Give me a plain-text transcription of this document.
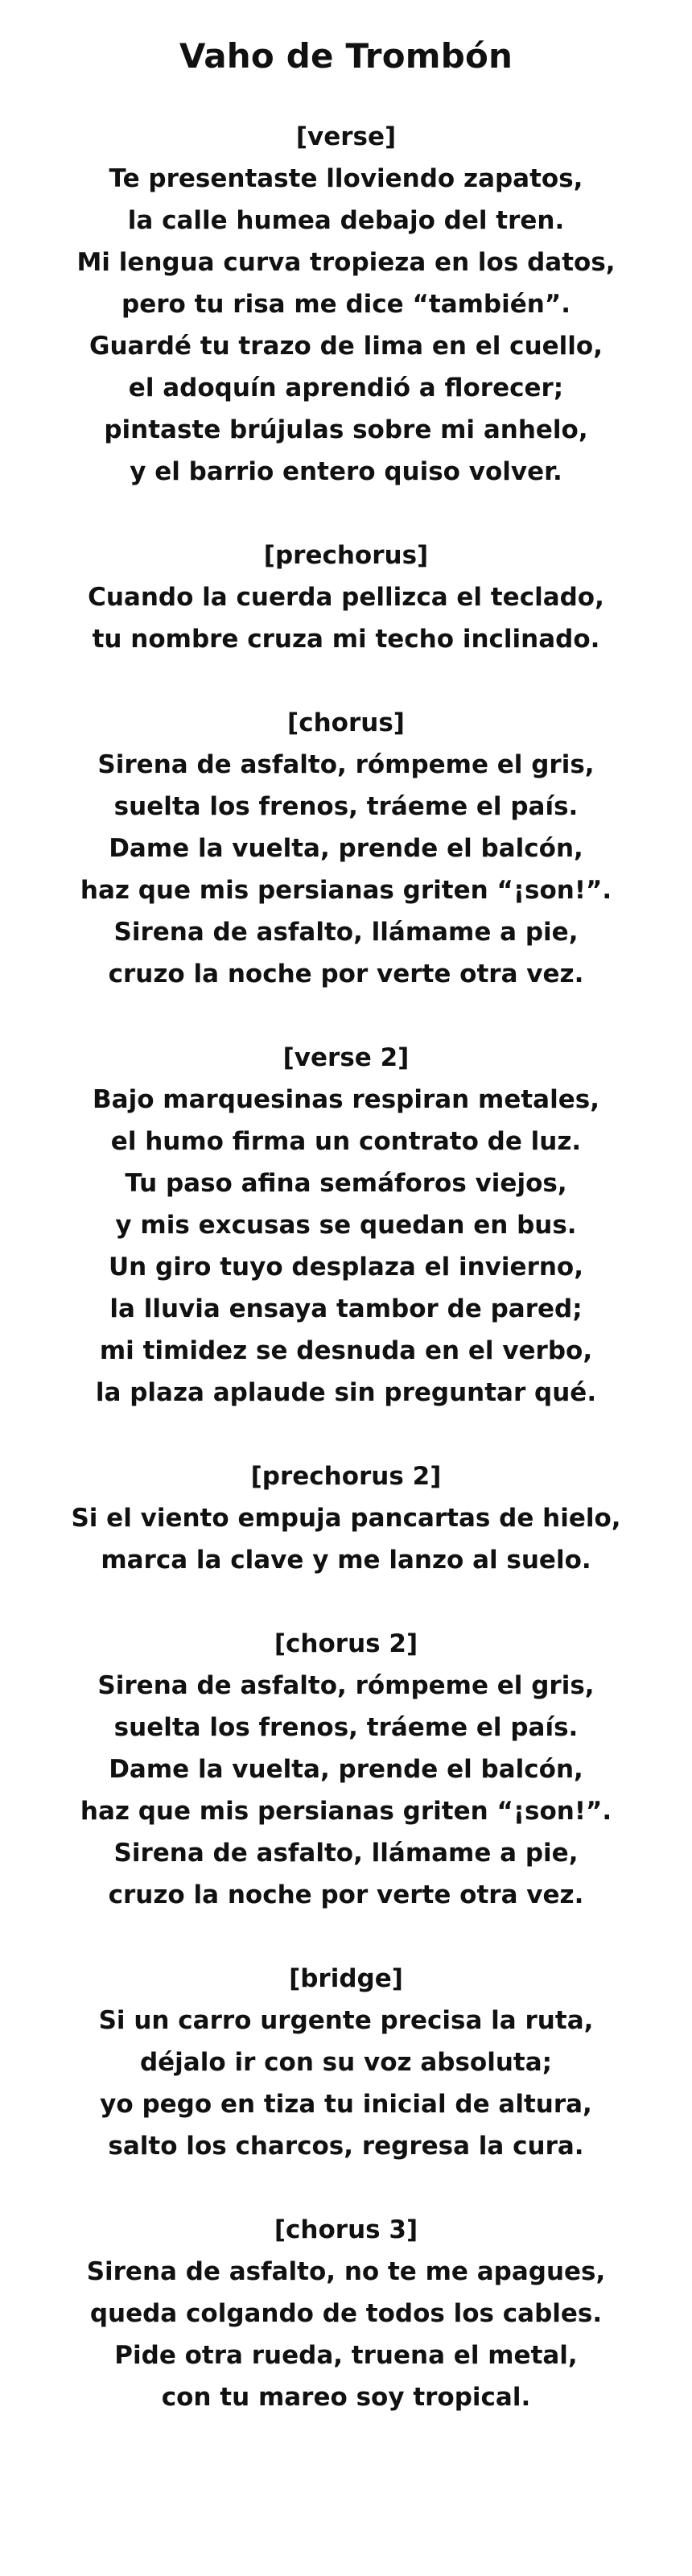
Vaho de Trombón
[verse]
Te presentaste lloviendo zapatos,
la calle humea debajo del tren.
Mi lengua curva tropieza en los datos,
pero tu risa me dice “también”.
Guardé tu trazo de lima en el cuello,
el adoquín aprendió a florecer;
pintaste brújulas sobre mi anhelo,
y el barrio entero quiso volver.
[prechorus]
Cuando la cuerda pellizca el teclado,
tu nombre cruza mi techo inclinado.
[chorus]
Sirena de asfalto, rómpeme el gris,
suelta los frenos, tráeme el país.
Dame la vuelta, prende el balcón,
haz que mis persianas griten “¡son!”.
Sirena de asfalto, llámame a pie,
cruzo la noche por verte otra vez.
[verse 2]
Bajo marquesinas respiran metales,
el humo firma un contrato de luz.
Tu paso afina semáforos viejos,
y mis excusas se quedan en bus.
Un giro tuyo desplaza el invierno,
la lluvia ensaya tambor de pared;
mi timidez se desnuda en el verbo,
la plaza aplaude sin preguntar qué.
[prechorus 2]
Si el viento empuja pancartas de hielo,
marca la clave y me lanzo al suelo.
[chorus 2]
Sirena de asfalto, rómpeme el gris,
suelta los frenos, tráeme el país.
Dame la vuelta, prende el balcón,
haz que mis persianas griten “¡son!”.
Sirena de asfalto, llámame a pie,
cruzo la noche por verte otra vez.
[bridge]
Si un carro urgente precisa la ruta,
déjalo ir con su voz absoluta;
yo pego en tiza tu inicial de altura,
salto los charcos, regresa la cura.
[chorus 3]
Sirena de asfalto, no te me apagues,
queda colgando de todos los cables.
Pide otra rueda, truena el metal,
con tu mareo soy tropical.
